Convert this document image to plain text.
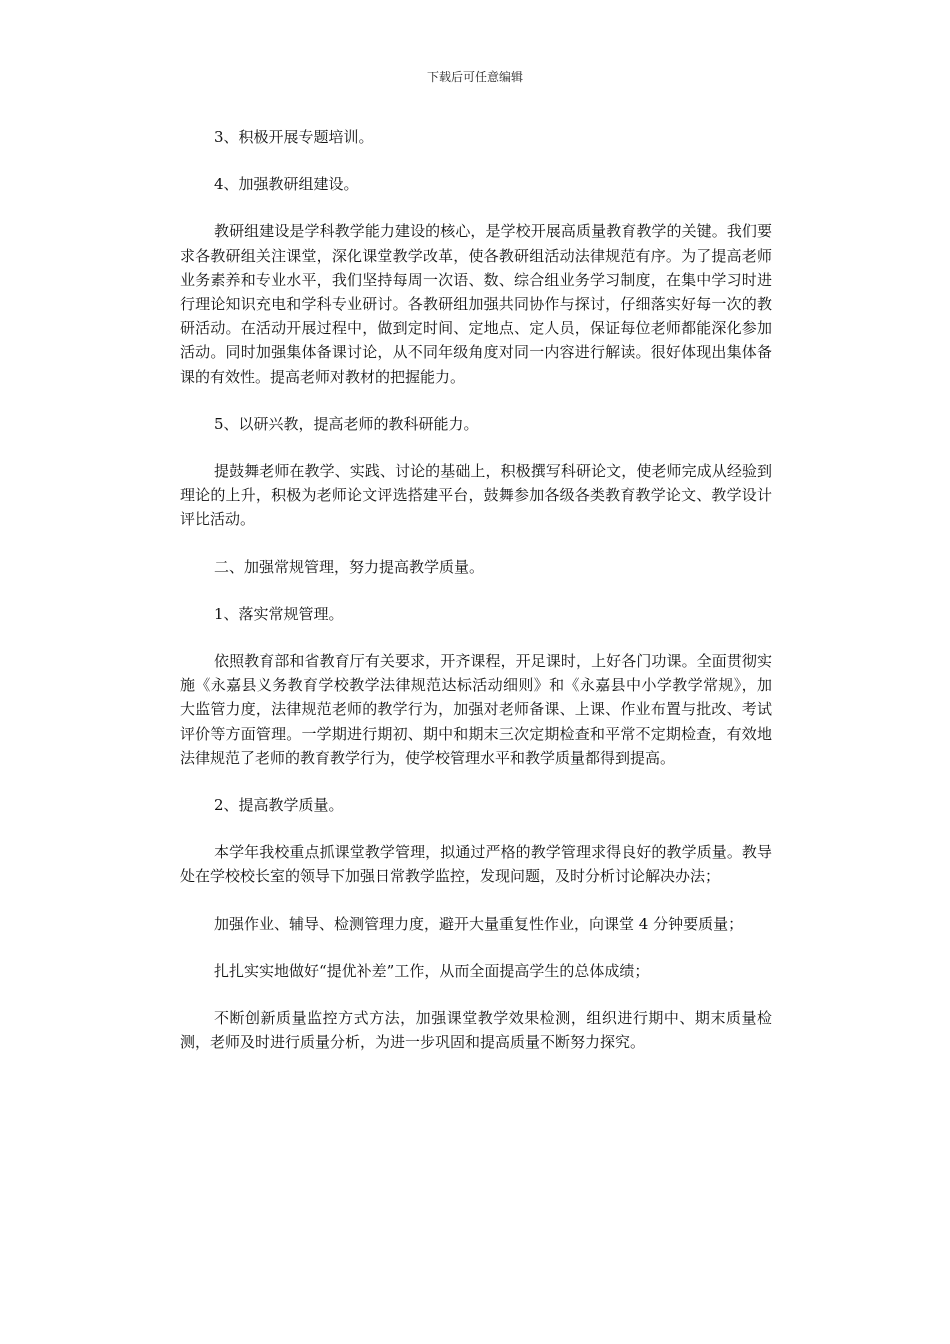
下载后可任意编辑

3、积极开展专题培训。

4、加强教研组建设。

教研组建设是学科教学能力建设的核心，是学校开展高质量教育教学的关键。我们要求各教研组关注课堂，深化课堂教学改革，使各教研组活动法律规范有序。为了提高老师业务素养和专业水平，我们坚持每周一次语、数、综合组业务学习制度，在集中学习时进行理论知识充电和学科专业研讨。各教研组加强共同协作与探讨，仔细落实好每一次的教研活动。在活动开展过程中，做到定时间、定地点、定人员，保证每位老师都能深化参加活动。同时加强集体备课讨论，从不同年级角度对同一内容进行解读。很好体现出集体备课的有效性。提高老师对教材的把握能力。

5、以研兴教，提高老师的教科研能力。

提鼓舞老师在教学、实践、讨论的基础上，积极撰写科研论文，使老师完成从经验到理论的上升，积极为老师论文评选搭建平台，鼓舞参加各级各类教育教学论文、教学设计评比活动。

二、加强常规管理，努力提高教学质量。

1、落实常规管理。

依照教育部和省教育厅有关要求，开齐课程，开足课时，上好各门功课。全面贯彻实施《永嘉县义务教育学校教学法律规范达标活动细则》和《永嘉县中小学教学常规》，加大监管力度，法律规范老师的教学行为，加强对老师备课、上课、作业布置与批改、考试评价等方面管理。一学期进行期初、期中和期末三次定期检查和平常不定期检查，有效地法律规范了老师的教育教学行为，使学校管理水平和教学质量都得到提高。

2、提高教学质量。

本学年我校重点抓课堂教学管理，拟通过严格的教学管理求得良好的教学质量。教导处在学校校长室的领导下加强日常教学监控，发现问题，及时分析讨论解决办法；

加强作业、辅导、检测管理力度，避开大量重复性作业，向课堂 4 分钟要质量；

扎扎实实地做好“提优补差”工作，从而全面提高学生的总体成绩；

不断创新质量监控方式方法，加强课堂教学效果检测，组织进行期中、期末质量检测，老师及时进行质量分析，为进一步巩固和提高质量不断努力探究。
